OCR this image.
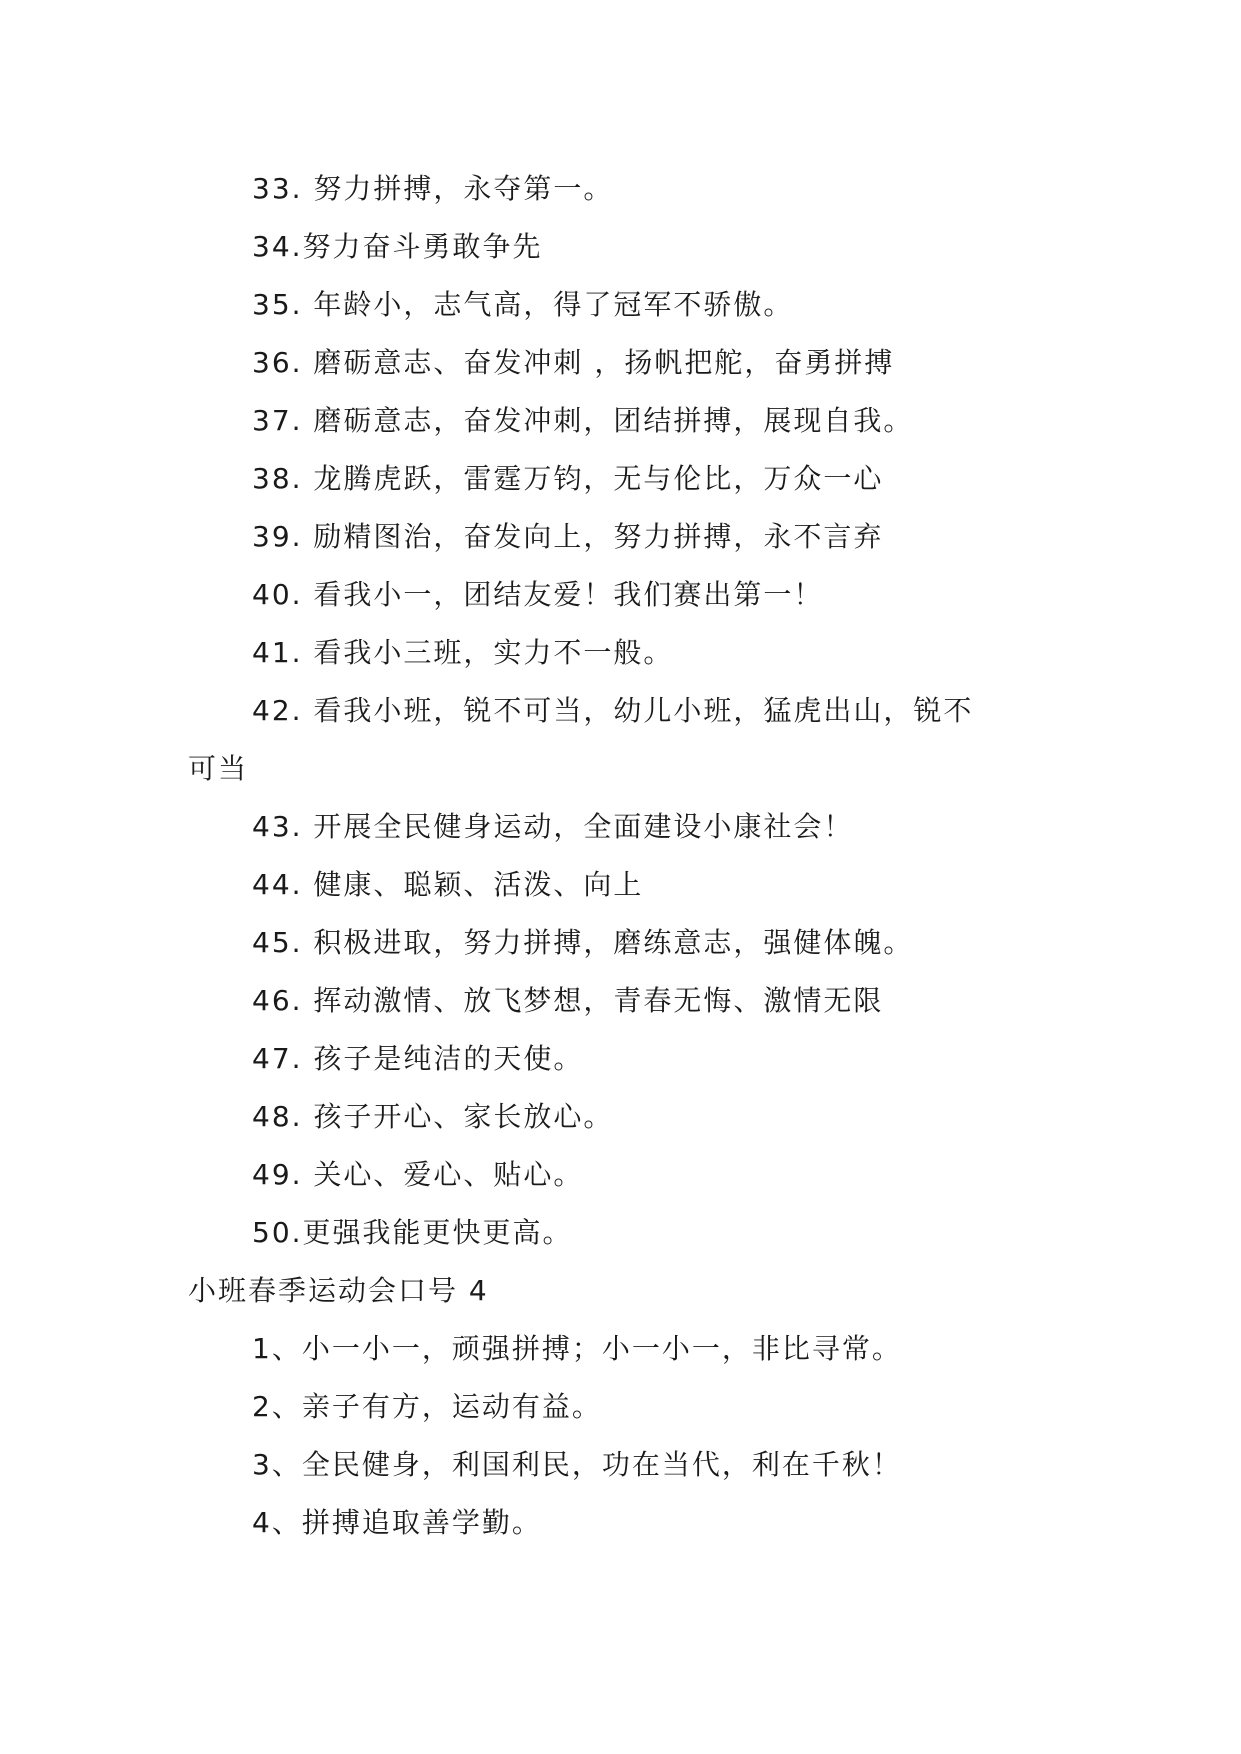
33. 努力拼搏，永夺第一。
34.努力奋斗勇敢争先
35. 年龄小，志气高，得了冠军不骄傲。
36. 磨砺意志、奋发冲刺 ，扬帆把舵，奋勇拼搏
37. 磨砺意志，奋发冲刺，团结拼搏，展现自我。
38. 龙腾虎跃，雷霆万钧，无与伦比，万众一心
39. 励精图治，奋发向上，努力拼搏，永不言弃
40. 看我小一，团结友爱！我们赛出第一！
41. 看我小三班，实力不一般。
42. 看我小班，锐不可当，幼儿小班，猛虎出山，锐不
可当
43. 开展全民健身运动，全面建设小康社会！
44. 健康、聪颖、活泼、向上
45. 积极进取，努力拼搏，磨练意志，强健体魄。
46. 挥动激情、放飞梦想，青春无悔、激情无限
47. 孩子是纯洁的天使。
48. 孩子开心、家长放心。
49. 关心、爱心、贴心。
50.更强我能更快更高。
小班春季运动会口号 4
1、小一小一，顽强拼搏；小一小一，非比寻常。
2、亲子有方，运动有益。
3、全民健身，利国利民，功在当代，利在千秋！
4、拼搏追取善学勤。
